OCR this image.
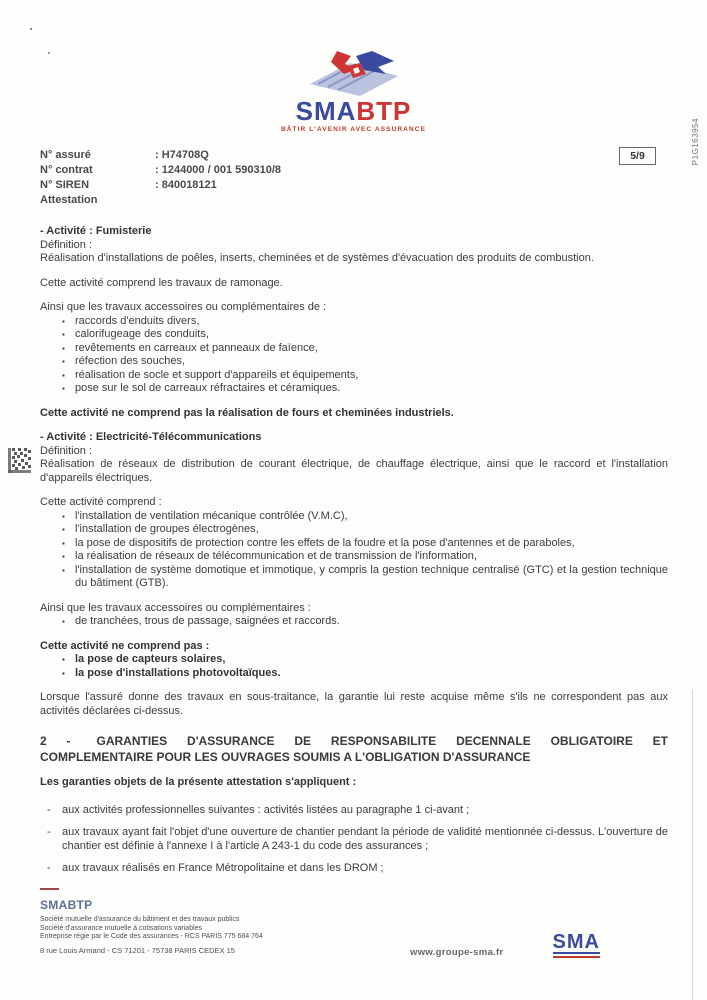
P1G163954
SMABTP
BÂTIR L'AVENIR AVEC ASSURANCE
5/9
N° assuré	: H74708Q
N° contrat	: 1244000 / 001 590310/8
N° SIREN	: 840018121
Attestation

- Activité : Fumisterie

Définition :

Réalisation d'installations de poêles, inserts, cheminées et de systèmes d'évacuation des produits de combustion.

Cette activité comprend les travaux de ramonage.

Ainsi que les travaux accessoires ou complémentaires de :

▪ raccords d'enduits divers,
▪ calorifugeage des conduits,
▪ revêtements en carreaux et panneaux de faïence,
▪ réfection des souches,
▪ réalisation de socle et support d'appareils et équipements,
▪ pose sur le sol de carreaux réfractaires et céramiques.

Cette activité ne comprend pas la réalisation de fours et cheminées industriels.

- Activité : Electricité-Télécommunications

Définition :

Réalisation de réseaux de distribution de courant électrique, de chauffage électrique, ainsi que le raccord et l'installation d'appareils électriques.

Cette activité comprend :

▪ l'installation de ventilation mécanique contrôlée (V.M.C),
▪ l'installation de groupes électrogènes,
▪ la pose de dispositifs de protection contre les effets de la foudre et la pose d'antennes et de paraboles,
▪ la réalisation de réseaux de télécommunication et de transmission de l'information,
▪ l'installation de système domotique et immotique, y compris la gestion technique centralisé (GTC) et la gestion technique du bâtiment (GTB).

Ainsi que les travaux accessoires ou complémentaires :

▪ de tranchées, trous de passage, saignées et raccords.

Cette activité ne comprend pas :

▪ la pose de capteurs solaires,
▪ la pose d'installations photovoltaïques.

Lorsque l'assuré donne des travaux en sous-traitance, la garantie lui reste acquise même s'ils ne correspondent pas aux activités déclarées ci-dessus.

2 - GARANTIES D'ASSURANCE DE RESPONSABILITE DECENNALE OBLIGATOIRE ET COMPLEMENTAIRE POUR LES OUVRAGES SOUMIS A L'OBLIGATION D'ASSURANCE

Les garanties objets de la présente attestation s'appliquent :

- aux activités professionnelles suivantes : activités listées au paragraphe 1 ci-avant ;
- aux travaux ayant fait l'objet d'une ouverture de chantier pendant la période de validité mentionnée ci-dessus. L'ouverture de chantier est définie à l'annexe I à l'article A 243-1 du code des assurances ;
- aux travaux réalisés en France Métropolitaine et dans les DROM ;
SMABTP
Société mutuelle d'assurance du bâtiment et des travaux publics
Société d'assurance mutuelle à cotisations variables
Entreprise régie par le Code des assurances - RCS PARIS 775 684 764
8 rue Louis Armand - CS 71201 - 75738 PARIS CEDEX 15	www.groupe-sma.fr SMA
